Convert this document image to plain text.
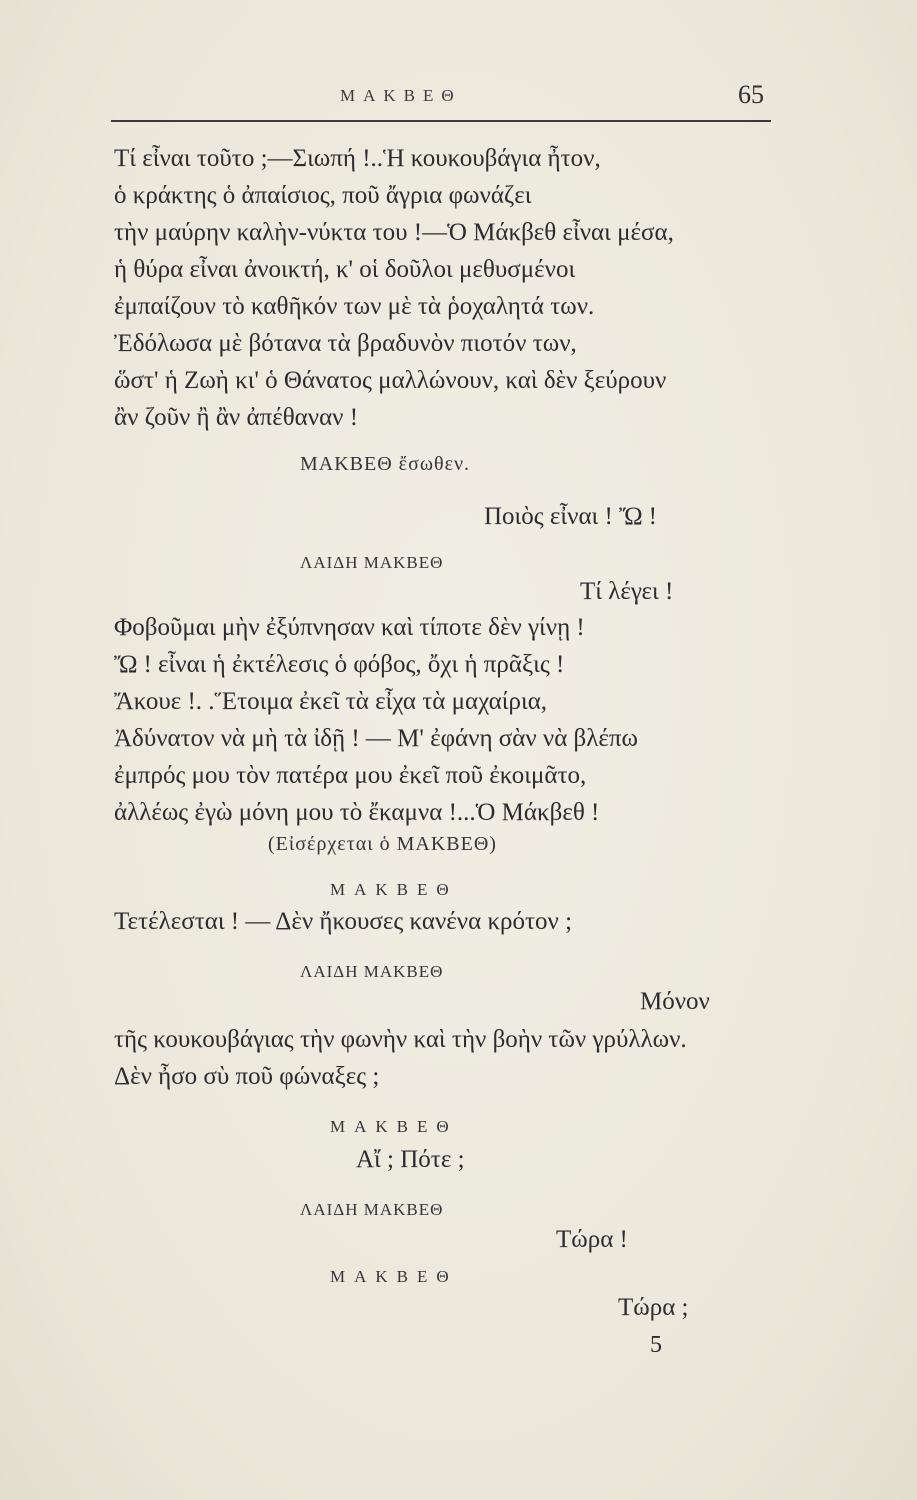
ΜΑΚΒΕΘ	65
Τί εἶναι τοῦτο ;—Σιωπή !..Ἡ κουκουβάγια ἦτον,
ὁ κράκτης ὁ ἀπαίσιος, ποῦ ἄγρια φωνάζει
τὴν μαύρην καλὴν-νύκτα του !—Ὁ Μάκβεθ εἶναι μέσα,
ἡ θύρα εἶναι ἀνοικτή, κ' οἱ δοῦλοι μεθυσμένοι
ἐμπαίζουν τὸ καθῆκόν των μὲ τὰ ῥοχαλητά των.
Ἐδόλωσα μὲ βότανα τὰ βραδυνὸν πιοτόν των,
ὥστ' ἡ Ζωὴ κι' ὁ Θάνατος μαλλώνουν, καὶ δὲν ξεύρουν
ἂν ζοῦν ἢ ἂν ἀπέθαναν !
ΜΑΚΒΕΘ ἔσωθεν.
Ποιὸς εἶναι ! Ὤ !
ΛΑΙΔΗ ΜΑΚΒΕΘ
Τί λέγει !
Φοβοῦμαι μὴν ἐξύπνησαν καὶ τίποτε δὲν γίνῃ !
Ὤ ! εἶναι ἡ ἐκτέλεσις ὁ φόβος, ὄχι ἡ πρᾶξις !
Ἄκουε !. .Ἕτοιμα ἐκεῖ τὰ εἶχα τὰ μαχαίρια,
Ἀδύνατον νὰ μὴ τὰ ἰδῇ ! — Μ' ἐφάνη σὰν νὰ βλέπω
ἐμπρός μου τὸν πατέρα μου ἐκεῖ ποῦ ἐκοιμᾶτο,
ἀλλέως ἐγὼ μόνη μου τὸ ἔκαμνα !...Ὁ Μάκβεθ !
(Εἰσέρχεται ὁ ΜΑΚΒΕΘ)
ΜΑΚΒΕΘ
Τετέλεσται ! — Δὲν ἤκουσες κανένα κρότον ;
ΛΑΙΔΗ ΜΑΚΒΕΘ
Μόνον
τῆς κουκουβάγιας τὴν φωνὴν καὶ τὴν βοὴν τῶν γρύλλων.
Δὲν ἦσο σὺ ποῦ φώναξες ;
ΜΑΚΒΕΘ
Αἴ ; Πότε ;
ΛΑΙΔΗ ΜΑΚΒΕΘ
Τώρα !
ΜΑΚΒΕΘ
Τώρα ;
5
